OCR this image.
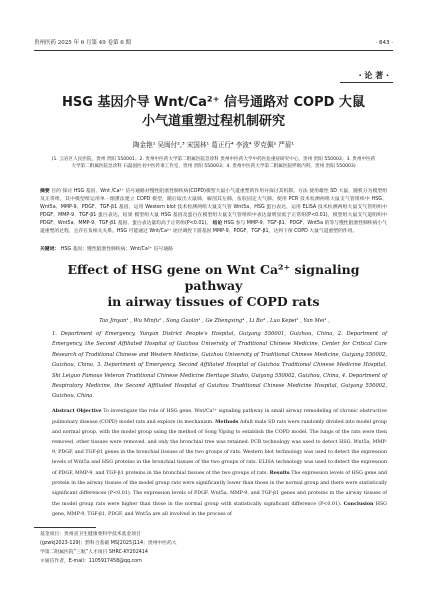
贵州医药 2025 年 6 月第 49 卷第 6 期	· 843 ·
· 论 著 ·
HSG 基因介导 Wnt/Ca²⁺ 信号通路对 COPD 大鼠
小气道重塑过程机制研究
陶金艳¹ 吴闽付²,³ 宋国林¹ 葛正行⁴ 李波⁴ 罗克佩² 严眉¹
(1. 云岩区人民医院，贵州 贵阳 550001；2. 贵州中医药大学第二附属医院急诊科 贵州中医药大学中药医危重症研究中心，贵州 贵阳 550003；3. 贵州中医药大学第二附属医院急诊科 石磊国医名中医传承工作室，贵州 贵阳 550003；4. 贵州中医药大学第二附属医院呼吸内科，贵州 贵阳 550003)
摘要 目的 探讨 HSG 基因、Wnt /Ca²⁺ 信号通路对慢性阻塞性肺疾病(COPD)模型大鼠小气道重塑的作用并探讨其机制。方法 使用雄性 SD 大鼠，随机分为模型组及正常组，其中模型组运用单一烟熏法建立 COPD 模型，随后取出大鼠肺，解剖其左肺，伍胶固定大气肺。使用 PCR 技术检测两组大鼠支气管组织中 HSG、Wnt5a、MMP-9、PDGF、TGF-β1 基因，运用 Western blot 技术检测两组大鼠支气管 Wnt5a、HSG 蛋白表达，运用 ELISA 技术检测两组大鼠支气管组织中 PDGF、MMP-9、TGF-β1 蛋白表达。结果 模型组大鼠 HSG 基因及蛋白在模型组大鼠支气管组织中表达量明显低于正常组(P<0.01)，模型组大鼠支气道组织中 PDGF、Wnt5a、MMP-9、TGF-β1 基因、蛋白表达量均高于正常组(P<0.01)。 结论 HSG 参与 MMP-9、TGF-β1、PDGF、Wnt5a 的等与慢性阻塞性肺疾病小气道重塑的过程，且存在负相关关系。HSG 可能通过 Wnt/Ca²⁺ 途径调控下游基因 MMP-9、PDGF、TGF-β1，达到干预 COPD 大鼠气道重塑的作用。
关键词： HSG 基因；慢性阻塞性肺疾病；Wnt/Ca²⁺ 信号通路
Effect of HSG gene on Wnt Ca²⁺ signaling pathway
in airway tissues of COPD rats
Tao Jinyan¹ , Wu Minfu² , Song Guolin¹ , Ge Zhengxing⁴ , Li Bo⁴ , Luo Kepei² , Yan Mei¹ ,
1. Department of Emergency, Yunyan District People's Hospital, Guiyang 550001, Guizhou, China, 2. Department of Emergency, the Second Affiliated Hospital of Guizhou University of Traditional Chinese Medicine, Center for Critical Care Research of Traditional Chinese and Western Medicine, Guizhou University of Traditional Chinese Medicine, Guiyang 550002, Guizhou, China, 3. Department of Emergency, Second Affiliated Hospital of Guizhou Traditional Chinese Medicine Hospital, Shi Leiguo Famous Veteran Traditional Chinese Medicine Heritage Studio, Guiyang 550002, Guizhou, China, 4. Department of Respiratory Medicine, the Second Affiliated Hospital of Guizhou Traditional Chinese Medicine Hospital, Guiyang 550002, Guizhou, China.
Abstract Objective To investigate the role of HSG gene, Wnt/Ca²⁺ signaling pathway in small airway remodeling of chronic obstructive pulmonary disease (COPD) model rats and explore its mechanism. Methods Adult male SD rats were randomly divided into model group and normal group, with the model group using the method of Song Yiping to establish the COPD model. The lungs of the rats were then removed, other tissues were removed, and only the bronchial tree was retained. PCR technology was used to detect HSG, Wnt5a, MMP-9, PDGF, and TGF-β1 genes in the bronchial tissues of the two groups of rats. Western blot technology was used to detect the expression levels of Wnt5a and HSG proteins in the bronchial tissues of the two groups of rats. ELISA technology was used to detect the expression of PDGF, MMP-9, and TGF-β1 proteins in the bronchial tissues of the two groups of rats. Results The expression levels of HSG gene and protein in the airway tissues of the model group rats were significantly lower than those in the normal group and there were statistically significant differences (P<0.01). The expression levels of PDGF, Wnt5a, MMP-9, and TGF-β1 genes and proteins in the airway tissues of the model group rats were higher than those in the normal group with statistically significant difference (P<0.01). Conclusion HSG gene, MMP-9, TGF-β1, PDGF, and Wnt5a are all involved in the process of
基金项目：贵州省卫生健康委科学技术基金项目
(gzwkj2023-129)；黔科合基础 MS[2025]114；贵州中医药大
学第二附属医院“三航”人才项目 SHRC-KY202414
＊通信作者，E-mail：1105917458@qq.com
